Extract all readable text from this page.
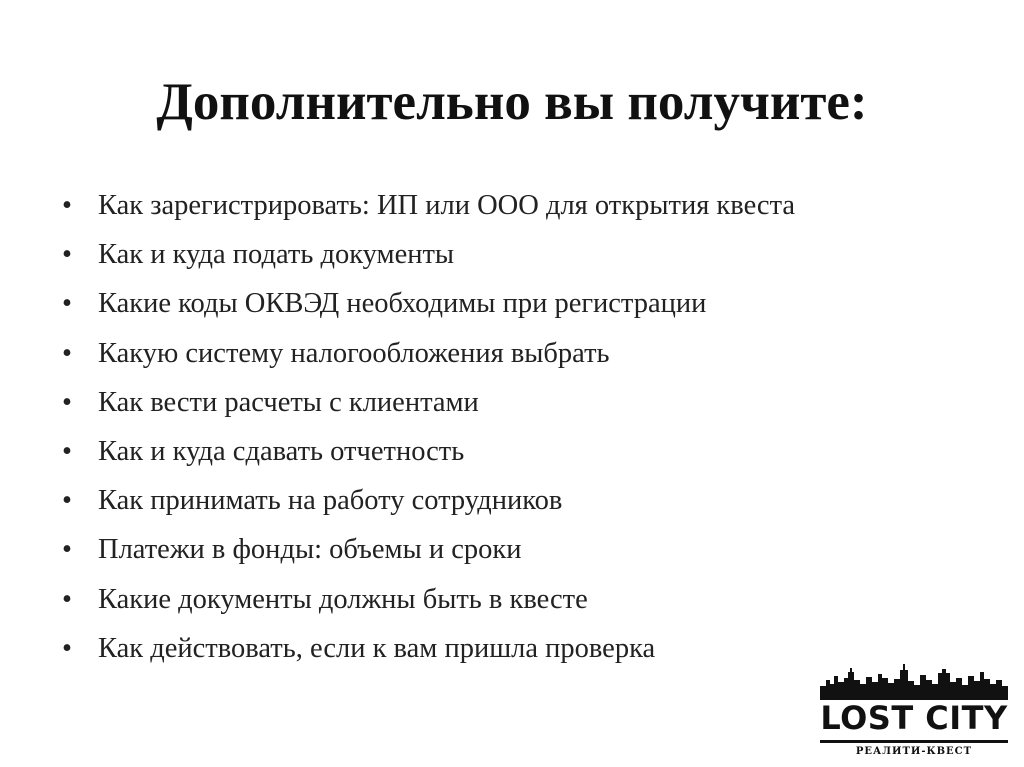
Дополнительно вы получите:
• Как зарегистрировать: ИП или ООО для открытия квеста
• Как и куда подать документы
• Какие коды ОКВЭД необходимы при регистрации
• Какую систему налогообложения выбрать
• Как вести расчеты с клиентами
• Как и куда сдавать отчетность
• Как принимать на работу сотрудников
• Платежи в фонды: объемы и сроки
• Какие документы должны быть в квесте
• Как действовать, если к вам пришла проверка
LOST CITY
РЕАЛИТИ-КВЕСТ
